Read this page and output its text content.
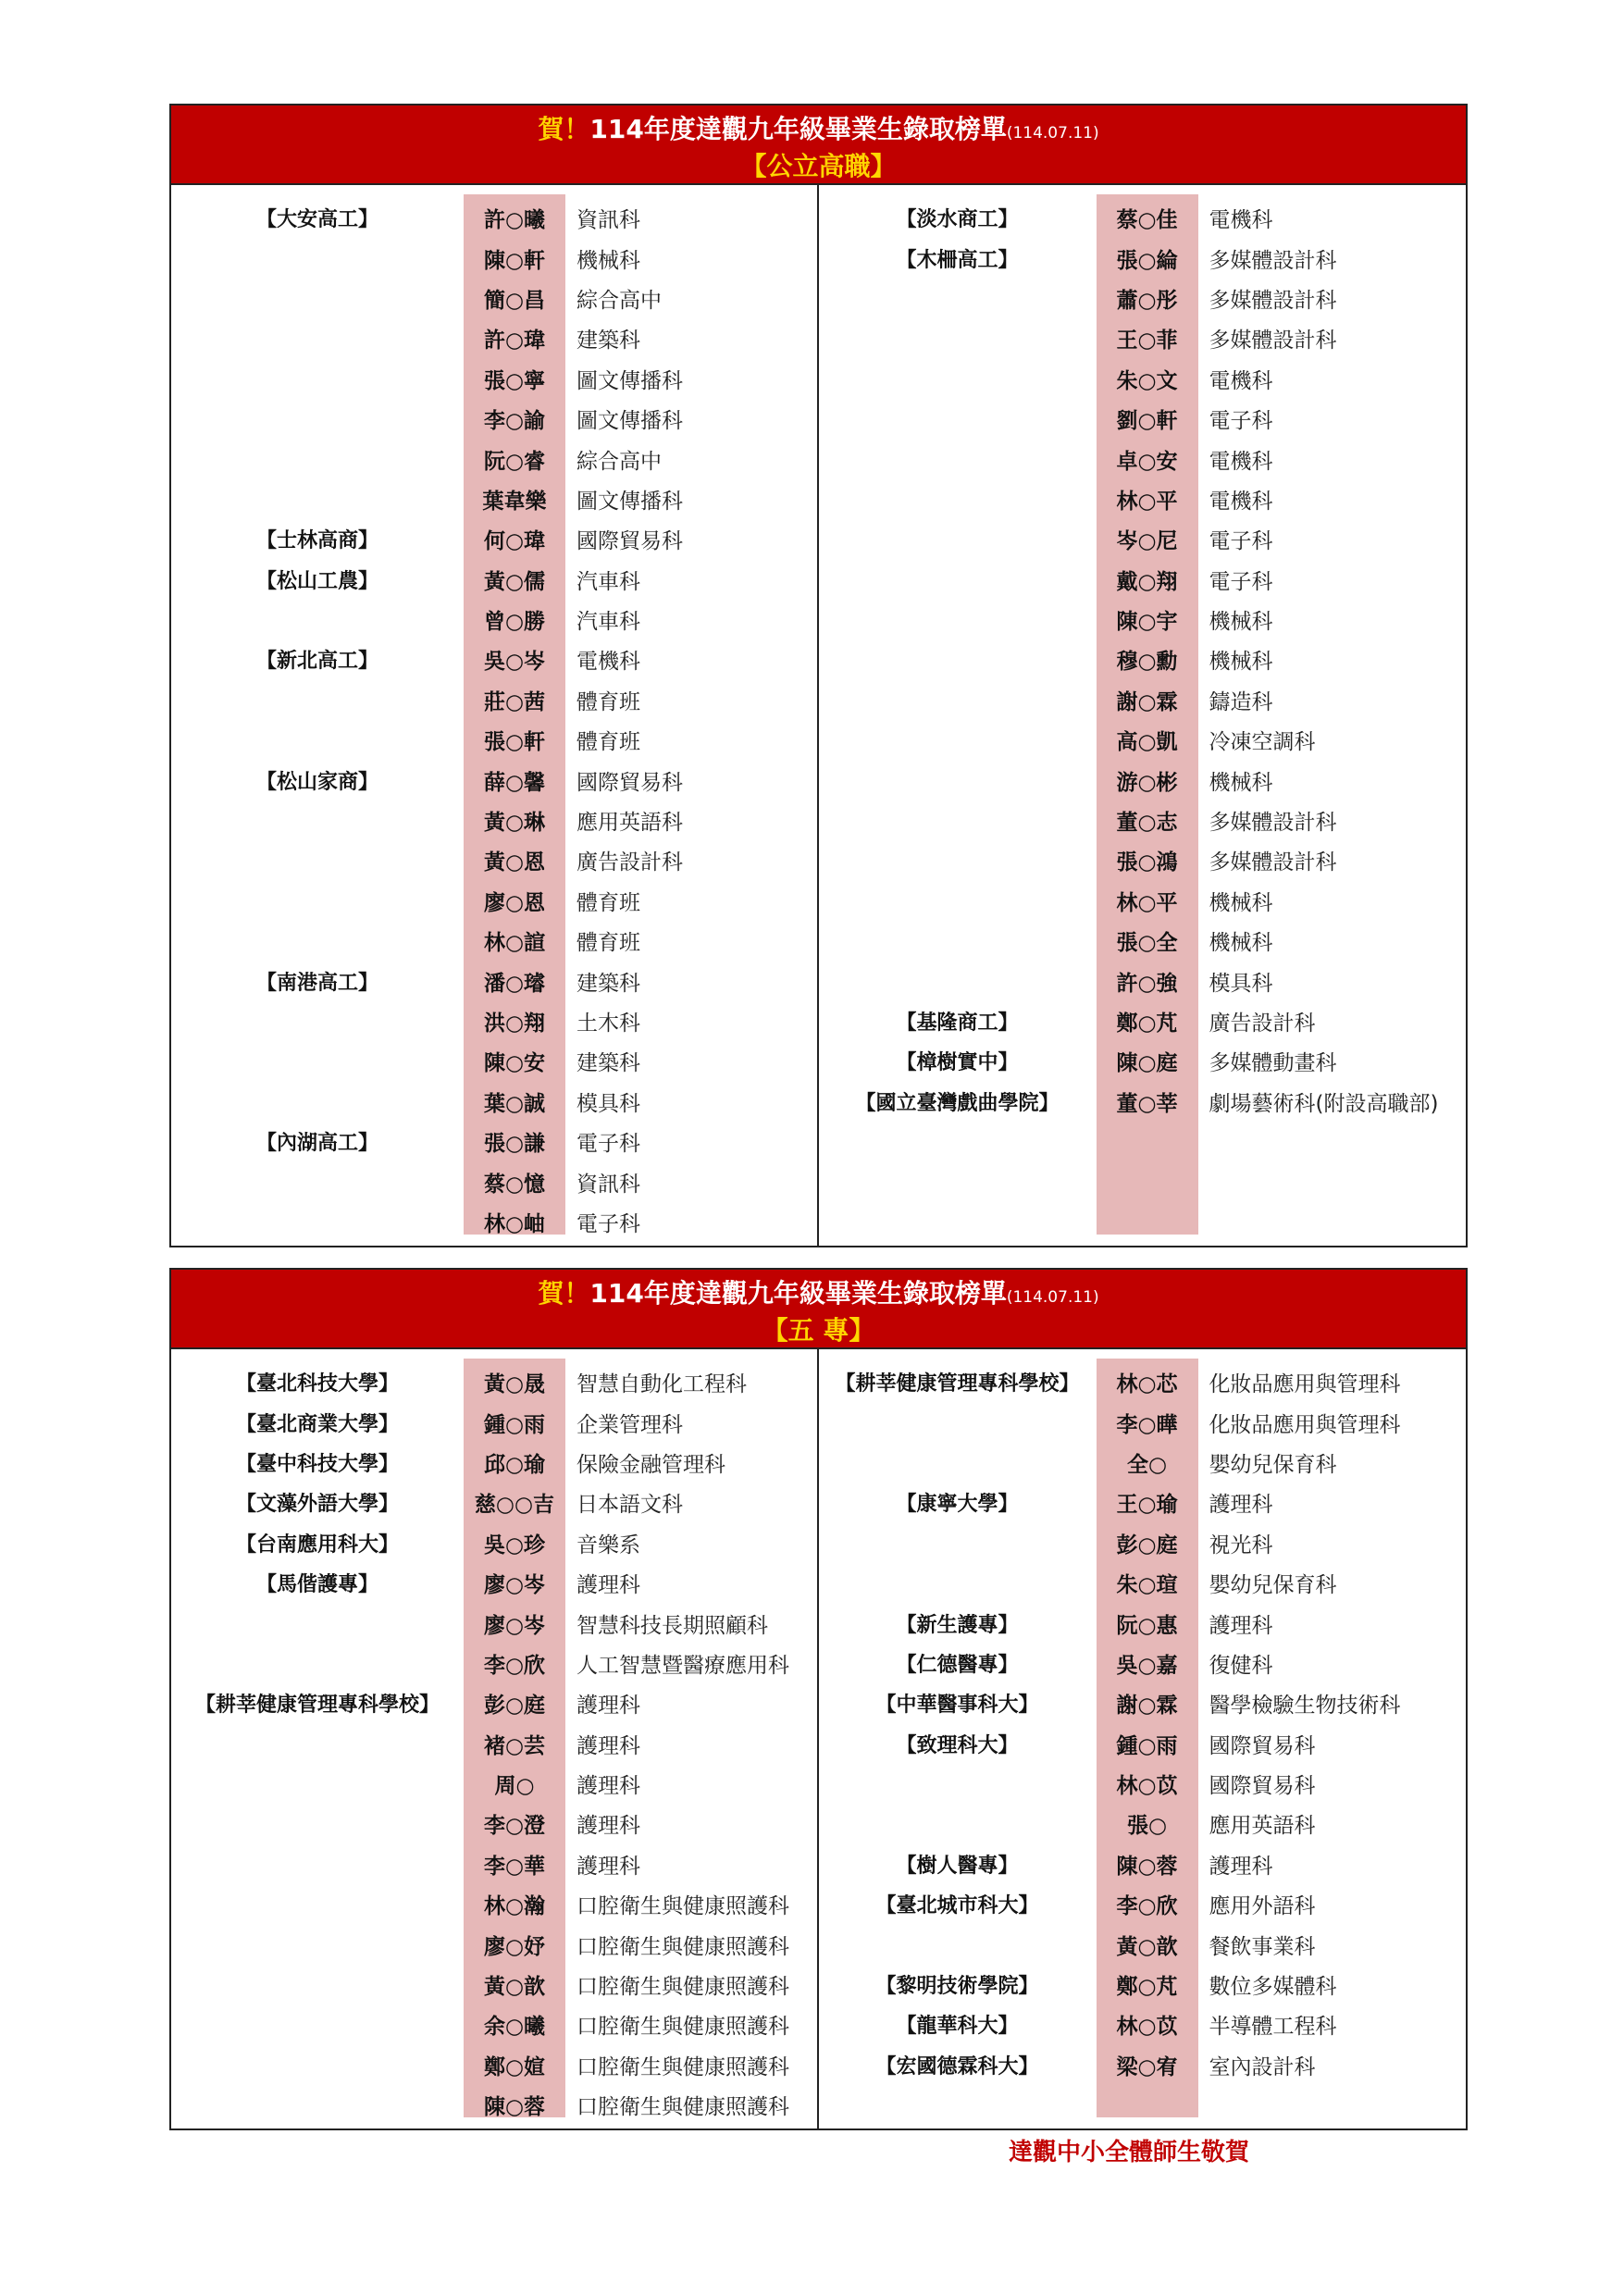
賀！114年度達觀九年級畢業生錄取榜單(114.07.11)
【公立高職】
【大安高工】	許○曦	資訊科
陳○軒	機械科
簡○昌	綜合高中
許○瑋	建築科
張○寧	圖文傳播科
李○諭	圖文傳播科
阮○睿	綜合高中
葉韋樂	圖文傳播科
【士林高商】	何○瑋	國際貿易科
【松山工農】	黃○儒	汽車科
曾○勝	汽車科
【新北高工】	吳○岑	電機科
莊○茜	體育班
張○軒	體育班
【松山家商】	薛○馨	國際貿易科
黃○琳	應用英語科
黃○恩	廣告設計科
廖○恩	體育班
林○諠	體育班
【南港高工】	潘○璿	建築科
洪○翔	土木科
陳○安	建築科
葉○誠	模具科
【內湖高工】	張○謙	電子科
蔡○憶	資訊科
林○岫	電子科
【淡水商工】	蔡○佳	電機科
【木柵高工】	張○綸	多媒體設計科
蕭○彤	多媒體設計科
王○菲	多媒體設計科
朱○文	電機科
劉○軒	電子科
卓○安	電機科
林○平	電機科
岑○尼	電子科
戴○翔	電子科
陳○宇	機械科
穆○勳	機械科
謝○霖	鑄造科
高○凱	冷凍空調科
游○彬	機械科
董○志	多媒體設計科
張○鴻	多媒體設計科
林○平	機械科
張○全	機械科
許○強	模具科
【基隆商工】	鄭○芃	廣告設計科
【樟樹實中】	陳○庭	多媒體動畫科
【國立臺灣戲曲學院】	董○莘	劇場藝術科(附設高職部)
賀！114年度達觀九年級畢業生錄取榜單(114.07.11)
【五 專】
【臺北科技大學】	黃○晟	智慧自動化工程科
【臺北商業大學】	鍾○雨	企業管理科
【臺中科技大學】	邱○瑜	保險金融管理科
【文藻外語大學】	慈○○吉	日本語文科
【台南應用科大】	吳○珍	音樂系
【馬偕護專】	廖○岑	護理科
廖○岑	智慧科技長期照顧科
李○欣	人工智慧暨醫療應用科
【耕莘健康管理專科學校】	彭○庭	護理科
褚○芸	護理科
周○	護理科
李○澄	護理科
李○華	護理科
林○瀚	口腔衛生與健康照護科
廖○妤	口腔衛生與健康照護科
黃○歆	口腔衛生與健康照護科
余○曦	口腔衛生與健康照護科
鄭○媗	口腔衛生與健康照護科
陳○蓉	口腔衛生與健康照護科
【耕莘健康管理專科學校】	林○芯	化妝品應用與管理科
李○曄	化妝品應用與管理科
全○	嬰幼兒保育科
【康寧大學】	王○瑜	護理科
彭○庭	視光科
朱○瑄	嬰幼兒保育科
【新生護專】	阮○惠	護理科
【仁德醫專】	吳○嘉	復健科
【中華醫事科大】	謝○霖	醫學檢驗生物技術科
【致理科大】	鍾○雨	國際貿易科
林○苡	國際貿易科
張○	應用英語科
【樹人醫專】	陳○蓉	護理科
【臺北城市科大】	李○欣	應用外語科
黃○歆	餐飲事業科
【黎明技術學院】	鄭○芃	數位多媒體科
【龍華科大】	林○苡	半導體工程科
【宏國德霖科大】	梁○宥	室內設計科
達觀中小全體師生敬賀
